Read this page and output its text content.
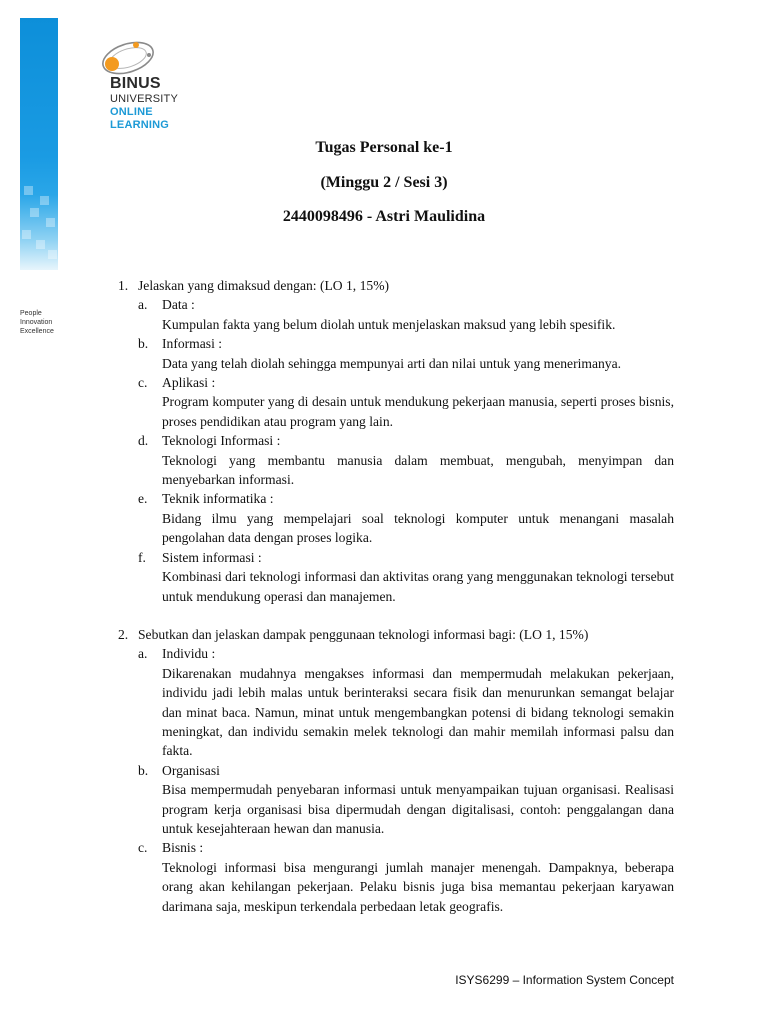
People
Innovation
Excellence
BINUS
UNIVERSITY
ONLINE
LEARNING
Tugas Personal ke-1
(Minggu 2 / Sesi 3)
2440098496 - Astri Maulidina
1. Jelaskan yang dimaksud dengan: (LO 1, 15%)
a. Data :
Kumpulan fakta yang belum diolah untuk menjelaskan maksud yang lebih spesifik.
b. Informasi :
Data yang telah diolah sehingga mempunyai arti dan nilai untuk yang menerimanya.
c. Aplikasi :
Program komputer yang di desain untuk mendukung pekerjaan manusia, seperti proses bisnis, proses pendidikan atau program yang lain.
d. Teknologi Informasi :
Teknologi yang membantu manusia dalam membuat, mengubah, menyimpan dan menyebarkan informasi.
e. Teknik informatika :
Bidang ilmu yang mempelajari soal teknologi komputer untuk menangani masalah pengolahan data dengan proses logika.
f. Sistem informasi :
Kombinasi dari teknologi informasi dan aktivitas orang yang menggunakan teknologi tersebut untuk mendukung operasi dan manajemen.
2. Sebutkan dan jelaskan dampak penggunaan teknologi informasi bagi: (LO 1, 15%)
a. Individu :
Dikarenakan mudahnya mengakses informasi dan mempermudah melakukan pekerjaan, individu jadi lebih malas untuk berinteraksi secara fisik dan menurunkan semangat belajar dan minat baca. Namun, minat untuk mengembangkan potensi di bidang teknologi semakin meningkat, dan individu semakin melek teknologi dan mahir memilah informasi palsu dan fakta.
b. Organisasi
Bisa mempermudah penyebaran informasi untuk menyampaikan tujuan organisasi. Realisasi program kerja organisasi bisa dipermudah dengan digitalisasi, contoh: penggalangan dana untuk kesejahteraan hewan dan manusia.
c. Bisnis :
Teknologi informasi bisa mengurangi jumlah manajer menengah. Dampaknya, beberapa orang akan kehilangan pekerjaan. Pelaku bisnis juga bisa memantau pekerjaan karyawan darimana saja, meskipun terkendala perbedaan letak geografis.
ISYS6299 – Information System Concept
